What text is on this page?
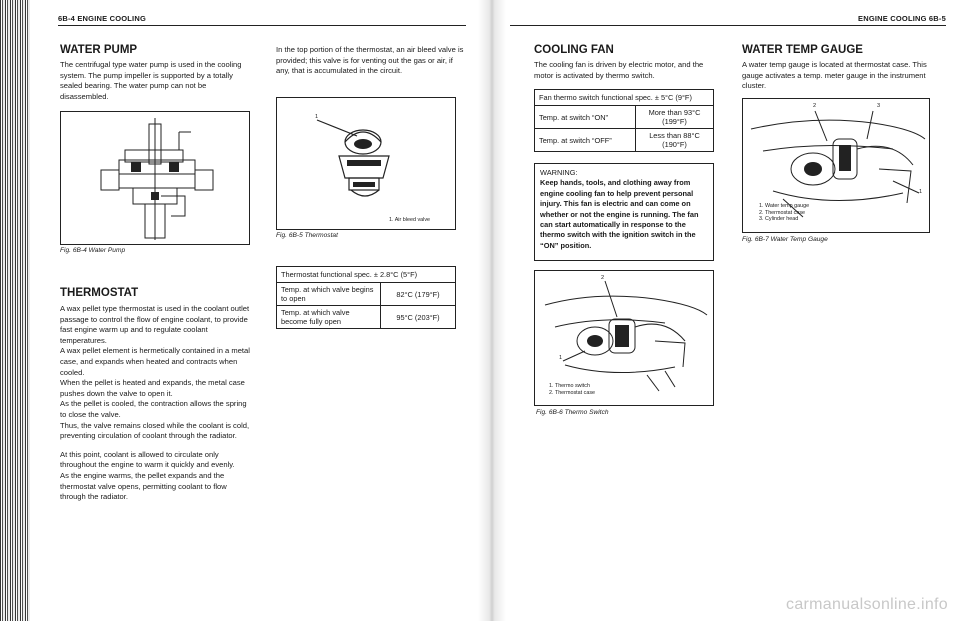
6B-4 ENGINE COOLING
WATER PUMP
The centrifugal type water pump is used in the cooling system. The pump impeller is supported by a totally sealed bearing. The water pump can not be disassembled.
Fig. 6B-4 Water Pump
THERMOSTAT

A wax pellet type thermostat is used in the coolant outlet passage to control the flow of engine coolant, to provide fast engine warm up and to regulate coolant temperatures.

A wax pellet element is hermetically contained in a metal case, and expands when heated and contracts when cooled.

When the pellet is heated and expands, the metal case pushes down the valve to open it.

As the pellet is cooled, the contraction allows the spring to close the valve.

Thus, the valve remains closed while the coolant is cold, preventing circulation of coolant through the radiator.

At this point, coolant is allowed to circulate only throughout the engine to warm it quickly and evenly.

As the engine warms, the pellet expands and the thermostat valve opens, permitting coolant to flow through the radiator.

In the top portion of the thermostat, an air bleed valve is provided; this valve is for venting out the gas or air, if any, that is accumulated in the circuit.
1
1. Air bleed valve
Fig. 6B-5 Thermostat
Thermostat functional spec. ± 2.8°C (5°F)	
Temp. at which valve begins to open	82°C (179°F)
Temp. at which valve become fully open	95°C (203°F)
ENGINE COOLING 6B-5
COOLING FAN
The cooling fan is driven by electric motor, and the motor is activated by thermo switch.
Fan thermo switch functional spec. ± 5°C (9°F)	
Temp. at switch “ON”	More than 93°C (199°F)
Temp. at switch “OFF”	Less than 88°C (190°F)
WARNING:
Keep hands, tools, and clothing away from engine cooling fan to help prevent personal injury. This fan is electric and can come on whether or not the engine is running. The fan can start automatically in response to the thermo switch with the ignition switch in the “ON” position.
2
1
1. Thermo switch
2. Thermostat case
Fig. 6B-6 Thermo Switch
WATER TEMP GAUGE
A water temp gauge is located at thermostat case. This gauge activates a temp. meter gauge in the instrument cluster.
2	3
1
1. Water temp gauge
2. Thermostat case
3. Cylinder head
Fig. 6B-7 Water Temp Gauge
carmanualsonline.info
